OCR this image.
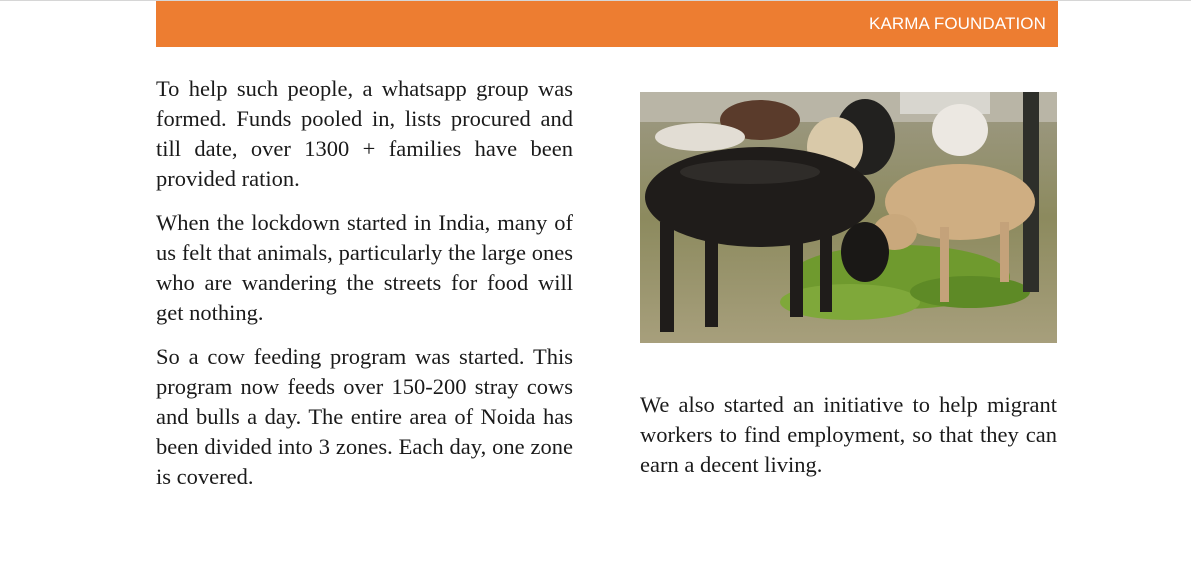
KARMA FOUNDATION

To help such people, a whatsapp group was formed. Funds pooled in, lists procured and till date, over 1300 + families have been provided ration.

When the lockdown started in India, many of us felt that animals, particularly the large ones who are wandering the streets for food will get nothing.

So a cow feeding program was started. This program now feeds over 150-200 stray cows and bulls a day. The entire area of Noida has been divided into 3 zones. Each day, one zone is covered.

We also started an initiative to help migrant workers to find employment, so that they can earn a decent living.
